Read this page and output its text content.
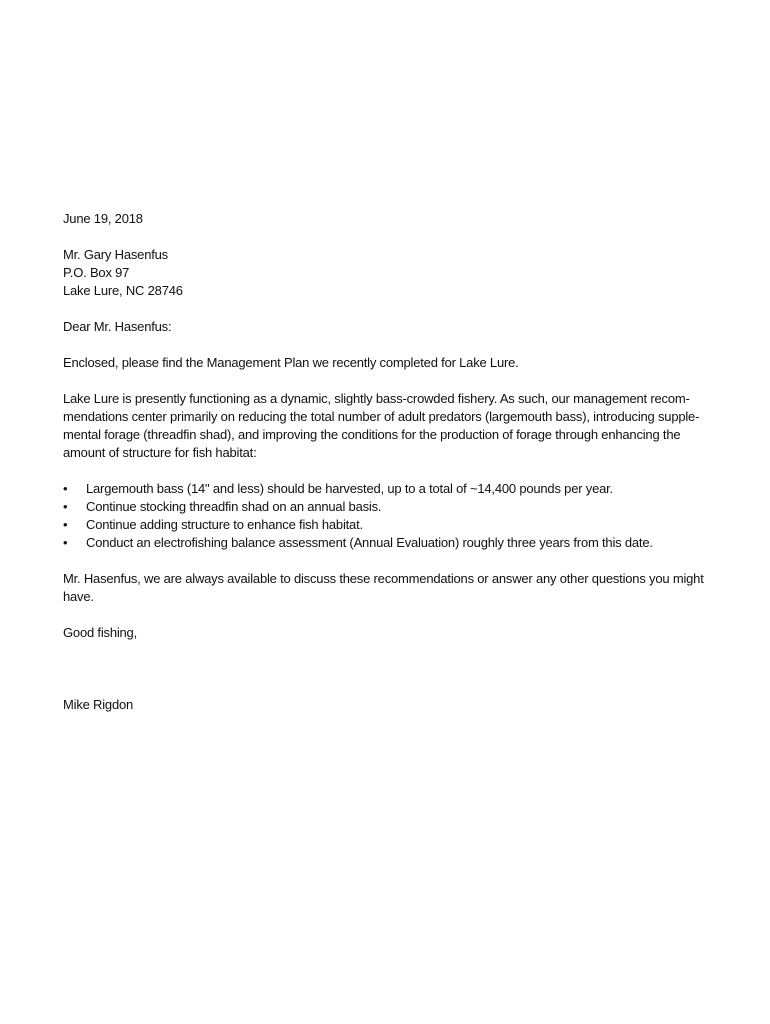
June 19, 2018

Mr. Gary Hasenfus

P.O. Box 97

Lake Lure, NC 28746

Dear Mr. Hasenfus:

Enclosed, please find the Management Plan we recently completed for Lake Lure.

Lake Lure is presently functioning as a dynamic, slightly bass-crowded fishery. As such, our management recom-

mendations center primarily on reducing the total number of adult predators (largemouth bass), introducing supple-

mental forage (threadfin shad), and improving the conditions for the production of forage through enhancing the

amount of structure for fish habitat:

• Largemouth bass (14" and less) should be harvested, up to a total of ~14,400 pounds per year.
• Continue stocking threadfin shad on an annual basis.
• Continue adding structure to enhance fish habitat.
• Conduct an electrofishing balance assessment (Annual Evaluation) roughly three years from this date.

Mr. Hasenfus, we are always available to discuss these recommendations or answer any other questions you might

have.

Good fishing,

Mike Rigdon
